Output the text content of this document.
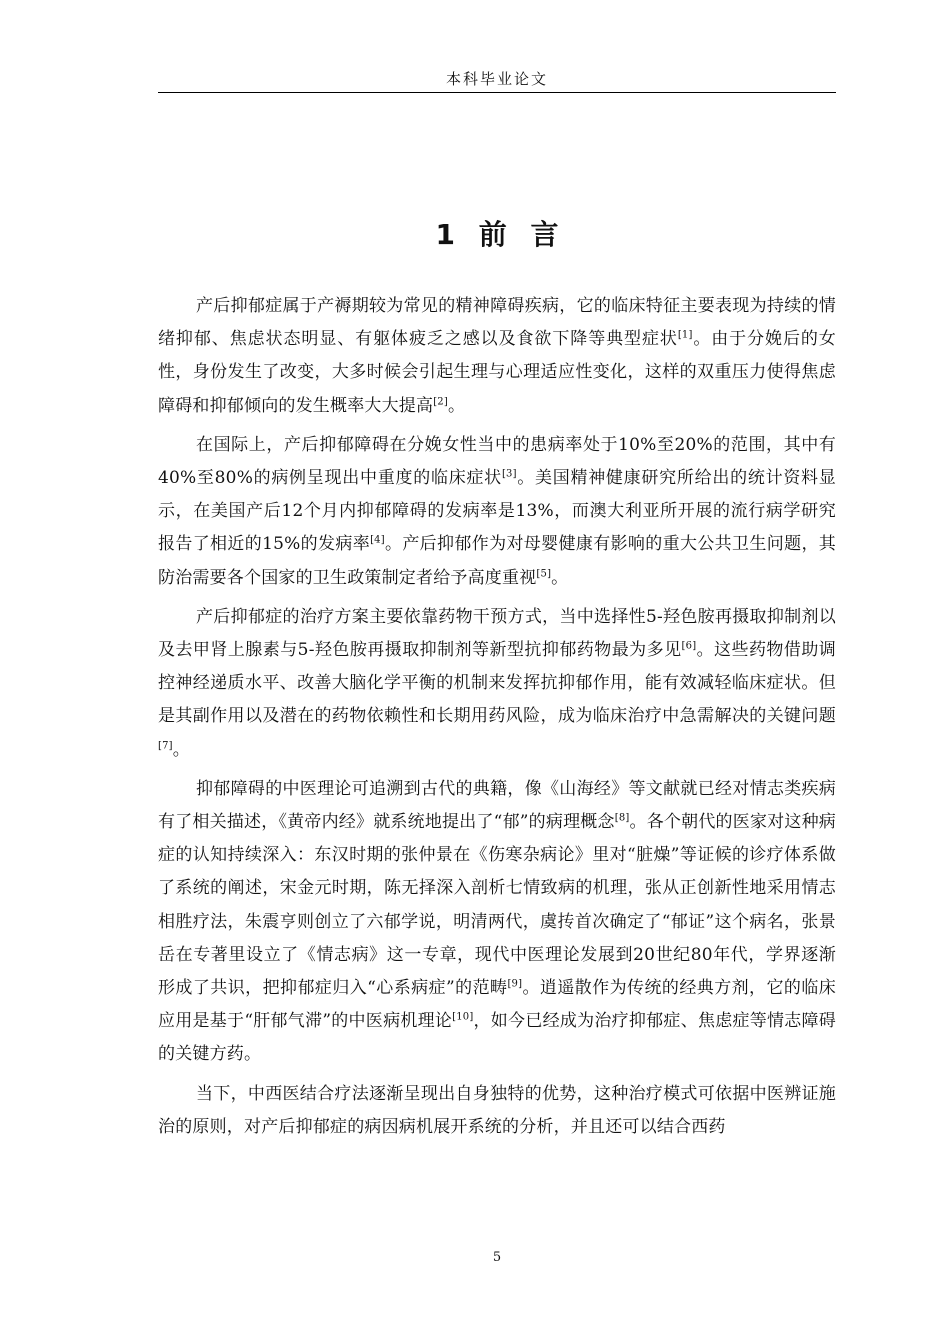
本科毕业论文
1 前 言

产后抑郁症属于产褥期较为常见的精神障碍疾病，它的临床特征主要表现为持续的情绪抑郁、焦虑状态明显、有躯体疲乏之感以及食欲下降等典型症状[1]。由于分娩后的女性，身份发生了改变，大多时候会引起生理与心理适应性变化，这样的双重压力使得焦虑障碍和抑郁倾向的发生概率大大提高[2]。

在国际上，产后抑郁障碍在分娩女性当中的患病率处于10%至20%的范围，其中有40%至80%的病例呈现出中重度的临床症状[3]。美国精神健康研究所给出的统计资料显示，在美国产后12个月内抑郁障碍的发病率是13%，而澳大利亚所开展的流行病学研究报告了相近的15%的发病率[4]。产后抑郁作为对母婴健康有影响的重大公共卫生问题，其防治需要各个国家的卫生政策制定者给予高度重视[5]。

产后抑郁症的治疗方案主要依靠药物干预方式，当中选择性5-羟色胺再摄取抑制剂以及去甲肾上腺素与5-羟色胺再摄取抑制剂等新型抗抑郁药物最为多见[6]。这些药物借助调控神经递质水平、改善大脑化学平衡的机制来发挥抗抑郁作用，能有效减轻临床症状。但是其副作用以及潜在的药物依赖性和长期用药风险，成为临床治疗中急需解决的关键问题[7]。

抑郁障碍的中医理论可追溯到古代的典籍，像《山海经》等文献就已经对情志类疾病有了相关描述，《黄帝内经》就系统地提出了“郁”的病理概念[8]。各个朝代的医家对这种病症的认知持续深入：东汉时期的张仲景在《伤寒杂病论》里对“脏燥”等证候的诊疗体系做了系统的阐述，宋金元时期，陈无择深入剖析七情致病的机理，张从正创新性地采用情志相胜疗法，朱震亨则创立了六郁学说，明清两代，虞抟首次确定了“郁证”这个病名，张景岳在专著里设立了《情志病》这一专章，现代中医理论发展到20世纪80年代，学界逐渐形成了共识，把抑郁症归入“心系病症”的范畴[9]。逍遥散作为传统的经典方剂，它的临床应用是基于“肝郁气滞”的中医病机理论[10]，如今已经成为治疗抑郁症、焦虑症等情志障碍的关键方药。

当下，中西医结合疗法逐渐呈现出自身独特的优势，这种治疗模式可依据中医辨证施治的原则，对产后抑郁症的病因病机展开系统的分析，并且还可以结合西药

5
